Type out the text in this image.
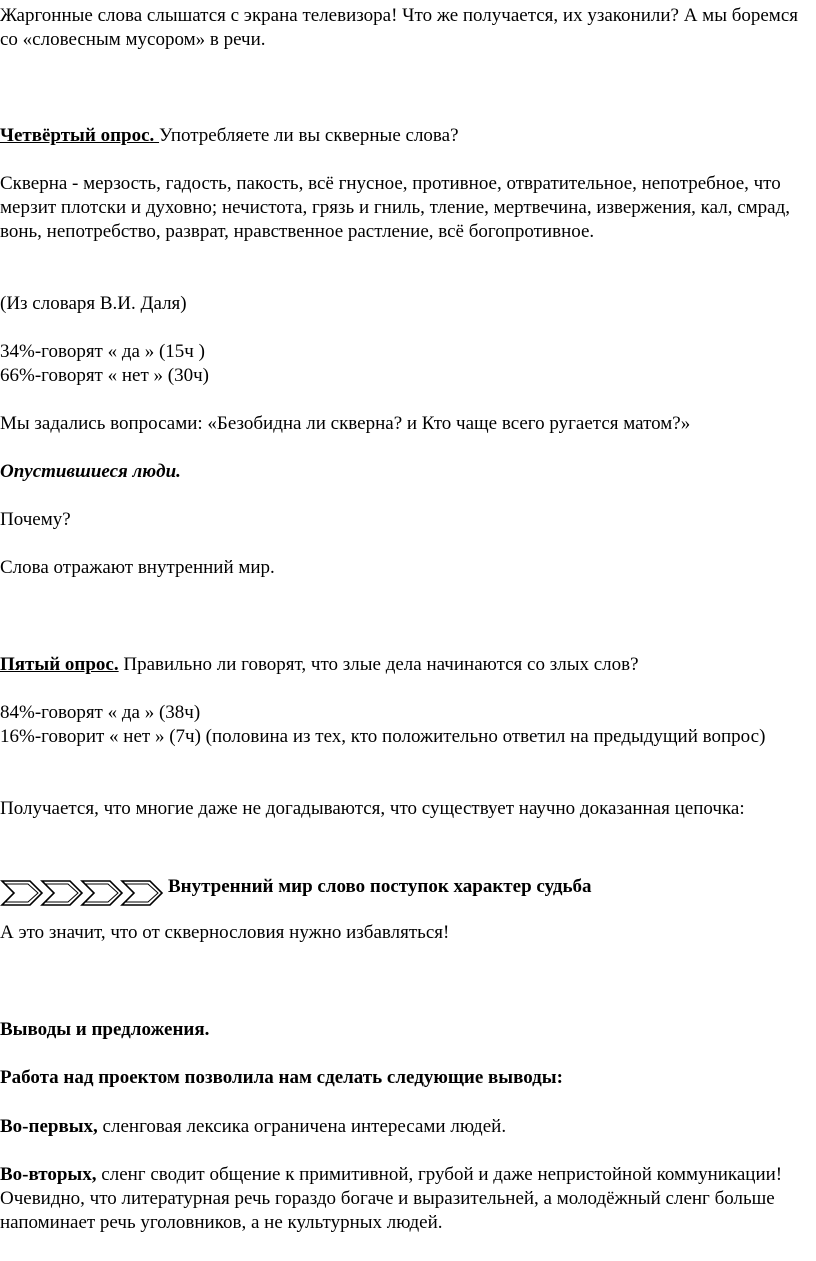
Жаргонные слова слышатся с экрана телевизора! Что же получается, их узаконили? А мы боремся со «словесным мусором» в речи.

Четвёртый опрос. Употребляете ли вы скверные слова?

Скверна - мерзость, гадость, пакость, всё гнусное, противное, отвратительное, непотребное, что мерзит плотски и духовно; нечистота, грязь и гниль, тление, мертвечина, извержения, кал, смрад, вонь, непотребство, разврат, нравственное растление, всё богопротивное.

(Из словаря В.И. Даля)

34%-говорят « да » (15ч )

66%-говорят « нет » (30ч)

Мы задались вопросами: «Безобидна ли скверна? и Кто чаще всего ругается матом?»

Опустившиеся люди.

Почему?

Слова отражают внутренний мир.

Пятый опрос. Правильно ли говорят, что злые дела начинаются со злых слов?

84%-говорят « да » (38ч)

16%-говорит « нет » (7ч) (половина из тех, кто положительно ответил на предыдущий вопрос)

Получается, что многие даже не догадываются, что существует научно доказанная цепочка:

Внутренний мир слово поступок характер судьба

А это значит, что от сквернословия нужно избавляться!

Выводы и предложения.

Работа над проектом позволила нам сделать следующие выводы:

Во-первых, сленговая лексика ограничена интересами людей.

Во-вторых, сленг сводит общение к примитивной, грубой и даже непристойной коммуникации! Очевидно, что литературная речь гораздо богаче и выразительней, а молодёжный сленг больше напоминает речь уголовников, а не культурных людей.
